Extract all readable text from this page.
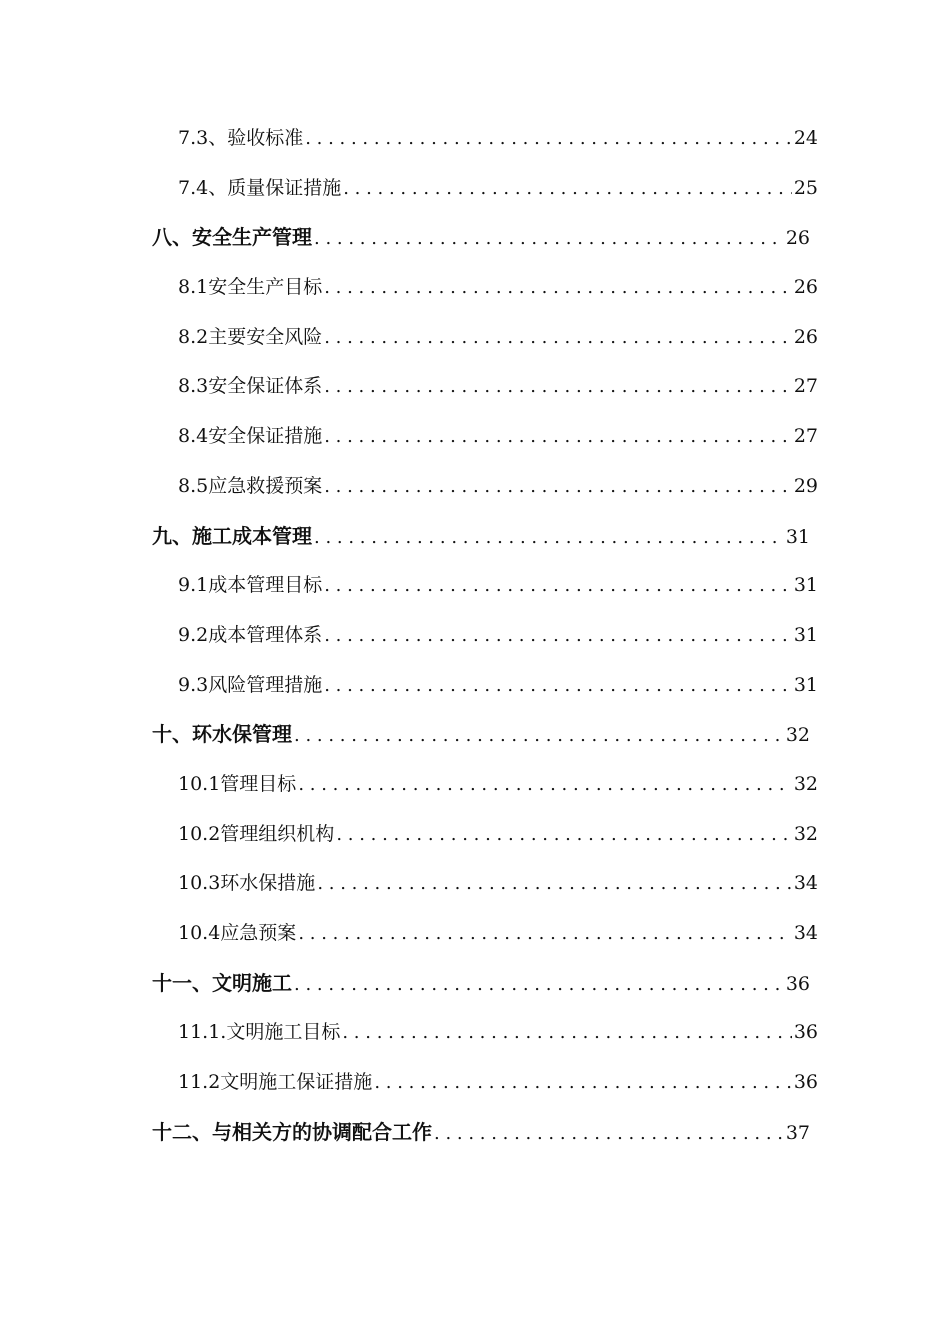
7.3、验收标准 . . .	24
7.4、质量保证措施 . . .	25
八、安全生产管理 . . .	26
8.1安全生产目标 . . .	26
8.2主要安全风险 . . .	26
8.3安全保证体系 . . .	27
8.4安全保证措施 . . .	27
8.5应急救援预案 . . .	29
九、施工成本管理 . . .	31
9.1成本管理目标 . . .	31
9.2成本管理体系 . . .	31
9.3风险管理措施 . . .	31
十、环水保管理 . . .	32
10.1管理目标 . . .	32
10.2管理组织机构 . . .	32
10.3环水保措施 . . .	34
10.4应急预案 . . .	34
十一、文明施工 . . .	36
11.1.文明施工目标 . . .	36
11.2文明施工保证措施 . . .	36
十二、与相关方的协调配合工作 . . .	37
